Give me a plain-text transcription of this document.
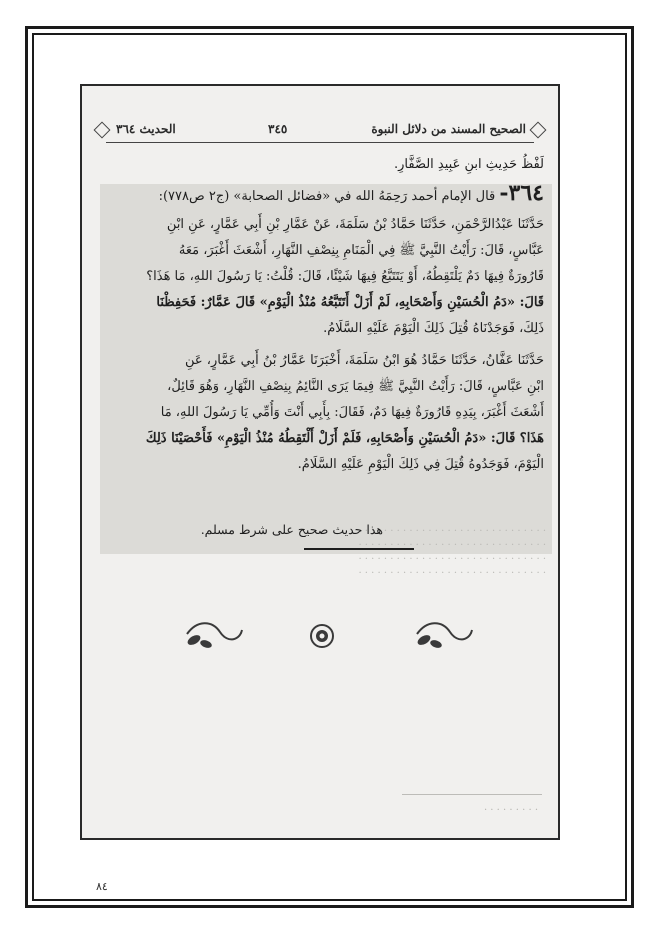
الصحيح المسند من دلائل النبوة
٣٤٥
الحديث ٣٦٤
. . . . . . . . . . . . . . . . . . . . . . . . . . . . . .
. . . . . . . . . . . . . . . . . . . . . . . . . . . . . .
. . . . . . . . . . . . . . . . . . . . . . . . . . . . . .
. . . . . . . . . . . . . . . . . . . . . . . . . . . . . .
لَفْظُ حَدِيثِ ابنِ عَبِيدِ الصَّفَّارِ.
٣٦٤- قال الإمام أحمد رَحِمَهُ الله في «فضائل الصحابة» (ج٢ ص٧٧٨):
حَدَّثَنَا عَبْدُالرَّحْمَنِ، حَدَّثَنَا حَمَّادُ بْنُ سَلَمَةَ، عَنْ عَمَّارِ بْنِ أَبِي عَمَّارٍ، عَنِ ابْنِ
عَبَّاسٍ، قَالَ: رَأَيْتُ النَّبِيَّ ﷺ فِي الْمَنَامِ بِنِصْفِ النَّهَارِ، أَشْعَثَ أَغْبَرَ، مَعَهُ
قَارُورَةٌ فِيهَا دَمٌ يَلْتَقِطُهُ، أَوْ يَتَتَبَّعُ فِيهَا شَيْئًا، قَالَ: قُلْتُ: يَا رَسُولَ اللهِ، مَا هَذَا؟
قَالَ: «دَمُ الْحُسَيْنِ وَأَصْحَابِهِ، لَمْ أَزَلْ أَتَتَبَّعُهُ مُنْذُ الْيَوْمِ» قَالَ عَمَّارٌ: فَحَفِظْنَا
ذَلِكَ، فَوَجَدْنَاهُ قُتِلَ ذَلِكَ الْيَوْمَ عَلَيْهِ السَّلَامُ.
حَدَّثَنَا عَفَّانُ، حَدَّثَنَا حَمَّادُ هُوَ ابْنُ سَلَمَةَ، أَخْبَرَنَا عَمَّارُ بْنُ أَبِي عَمَّارٍ، عَنِ
ابْنِ عَبَّاسٍ، قَالَ: رَأَيْتُ النَّبِيَّ ﷺ فِيمَا يَرَى النَّائِمُ بِنِصْفِ النَّهَارِ، وَهُوَ قَائِلٌ،
أَشْعَثَ أَغْبَرَ، بِيَدِهِ قَارُورَةٌ فِيهَا دَمٌ، فَقَالَ: بِأَبِي أَنْتَ وَأُمِّي يَا رَسُولَ اللهِ، مَا
هَذَا؟ قَالَ: «دَمُ الْحُسَيْنِ وَأَصْحَابِهِ، فَلَمْ أَزَلْ أَلْتَقِطُهُ مُنْذُ الْيَوْمِ» فَأَحْصَيْنَا ذَلِكَ
الْيَوْمَ، فَوَجَدُوهُ قُتِلَ فِي ذَلِكَ الْيَوْمِ عَلَيْهِ السَّلَامُ.
هذا حديث صحيح على شرط مسلم.
. . . . . . . . .
٨٤
